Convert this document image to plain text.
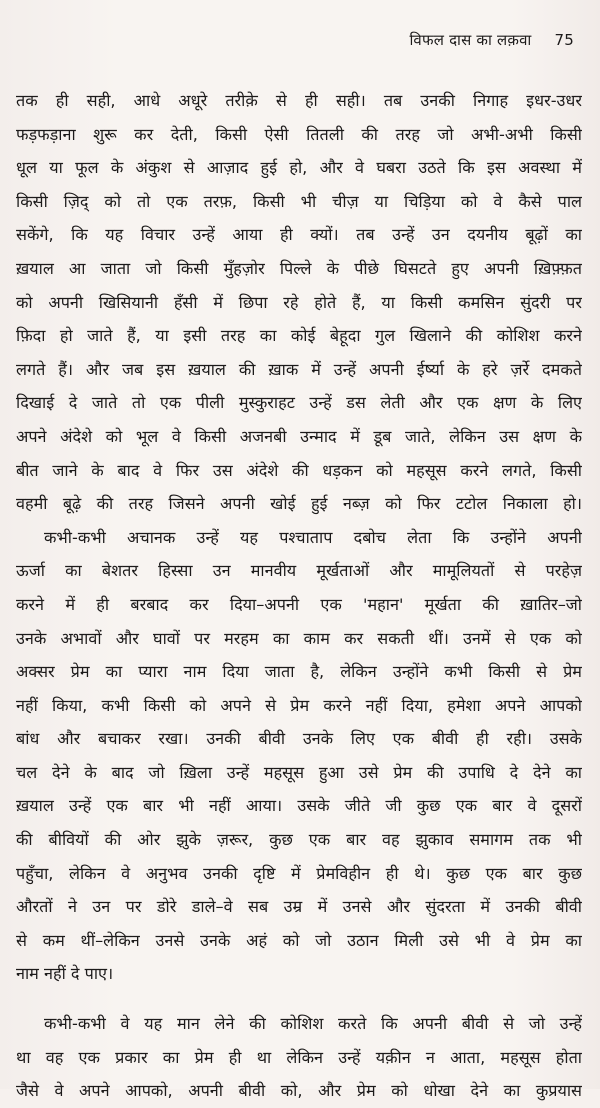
विफल दास का लक़वा 75
तक ही सही, आधे अधूरे तरीक़े से ही सही। तब उनकी निगाह इधर-उधर
फड़फड़ाना शुरू कर देती, किसी ऐसी तितली की तरह जो अभी-अभी किसी
धूल या फूल के अंकुश से आज़ाद हुई हो, और वे घबरा उठते कि इस अवस्था में
किसी ज़िद् को तो एक तरफ़, किसी भी चीज़ या चिड़िया को वे कैसे पाल
सकेंगे, कि यह विचार उन्हें आया ही क्यों। तब उन्हें उन दयनीय बूढ़ों का
ख़याल आ जाता जो किसी मुँहज़ोर पिल्ले के पीछे घिसटते हुए अपनी ख़िफ़्फ़त
को अपनी खिसियानी हँसी में छिपा रहे होते हैं, या किसी कमसिन सुंदरी पर
फ़िदा हो जाते हैं, या इसी तरह का कोई बेहूदा गुल खिलाने की कोशिश करने
लगते हैं। और जब इस ख़याल की ख़ाक में उन्हें अपनी ईर्ष्या के हरे ज़र्रे दमकते
दिखाई दे जाते तो एक पीली मुस्कुराहट उन्हें डस लेती और एक क्षण के लिए
अपने अंदेशे को भूल वे किसी अजनबी उन्माद में डूब जाते, लेकिन उस क्षण के
बीत जाने के बाद वे फिर उस अंदेशे की धड़कन को महसूस करने लगते, किसी
वहमी बूढ़े की तरह जिसने अपनी खोई हुई नब्ज़ को फिर टटोल निकाला हो।
कभी-कभी अचानक उन्हें यह पश्चाताप दबोच लेता कि उन्होंने अपनी
ऊर्जा का बेशतर हिस्सा उन मानवीय मूर्खताओं और मामूलियतों से परहेज़
करने में ही बरबाद कर दिया–अपनी एक 'महान' मूर्खता की ख़ातिर–जो
उनके अभावों और घावों पर मरहम का काम कर सकती थीं। उनमें से एक को
अक्सर प्रेम का प्यारा नाम दिया जाता है, लेकिन उन्होंने कभी किसी से प्रेम
नहीं किया, कभी किसी को अपने से प्रेम करने नहीं दिया, हमेशा अपने आपको
बांध और बचाकर रखा। उनकी बीवी उनके लिए एक बीवी ही रही। उसके
चल देने के बाद जो ख़िला उन्हें महसूस हुआ उसे प्रेम की उपाधि दे देने का
ख़याल उन्हें एक बार भी नहीं आया। उसके जीते जी कुछ एक बार वे दूसरों
की बीवियों की ओर झुके ज़रूर, कुछ एक बार वह झुकाव समागम तक भी
पहुँचा, लेकिन वे अनुभव उनकी दृष्टि में प्रेमविहीन ही थे। कुछ एक बार कुछ
औरतों ने उन पर डोरे डाले–वे सब उम्र में उनसे और सुंदरता में उनकी बीवी
से कम थीं–लेकिन उनसे उनके अहं को जो उठान मिली उसे भी वे प्रेम का
नाम नहीं दे पाए।
कभी-कभी वे यह मान लेने की कोशिश करते कि अपनी बीवी से जो उन्हें
था वह एक प्रकार का प्रेम ही था लेकिन उन्हें यक़ीन न आता, महसूस होता
जैसे वे अपने आपको, अपनी बीवी को, और प्रेम को धोखा देने का कुप्रयास
